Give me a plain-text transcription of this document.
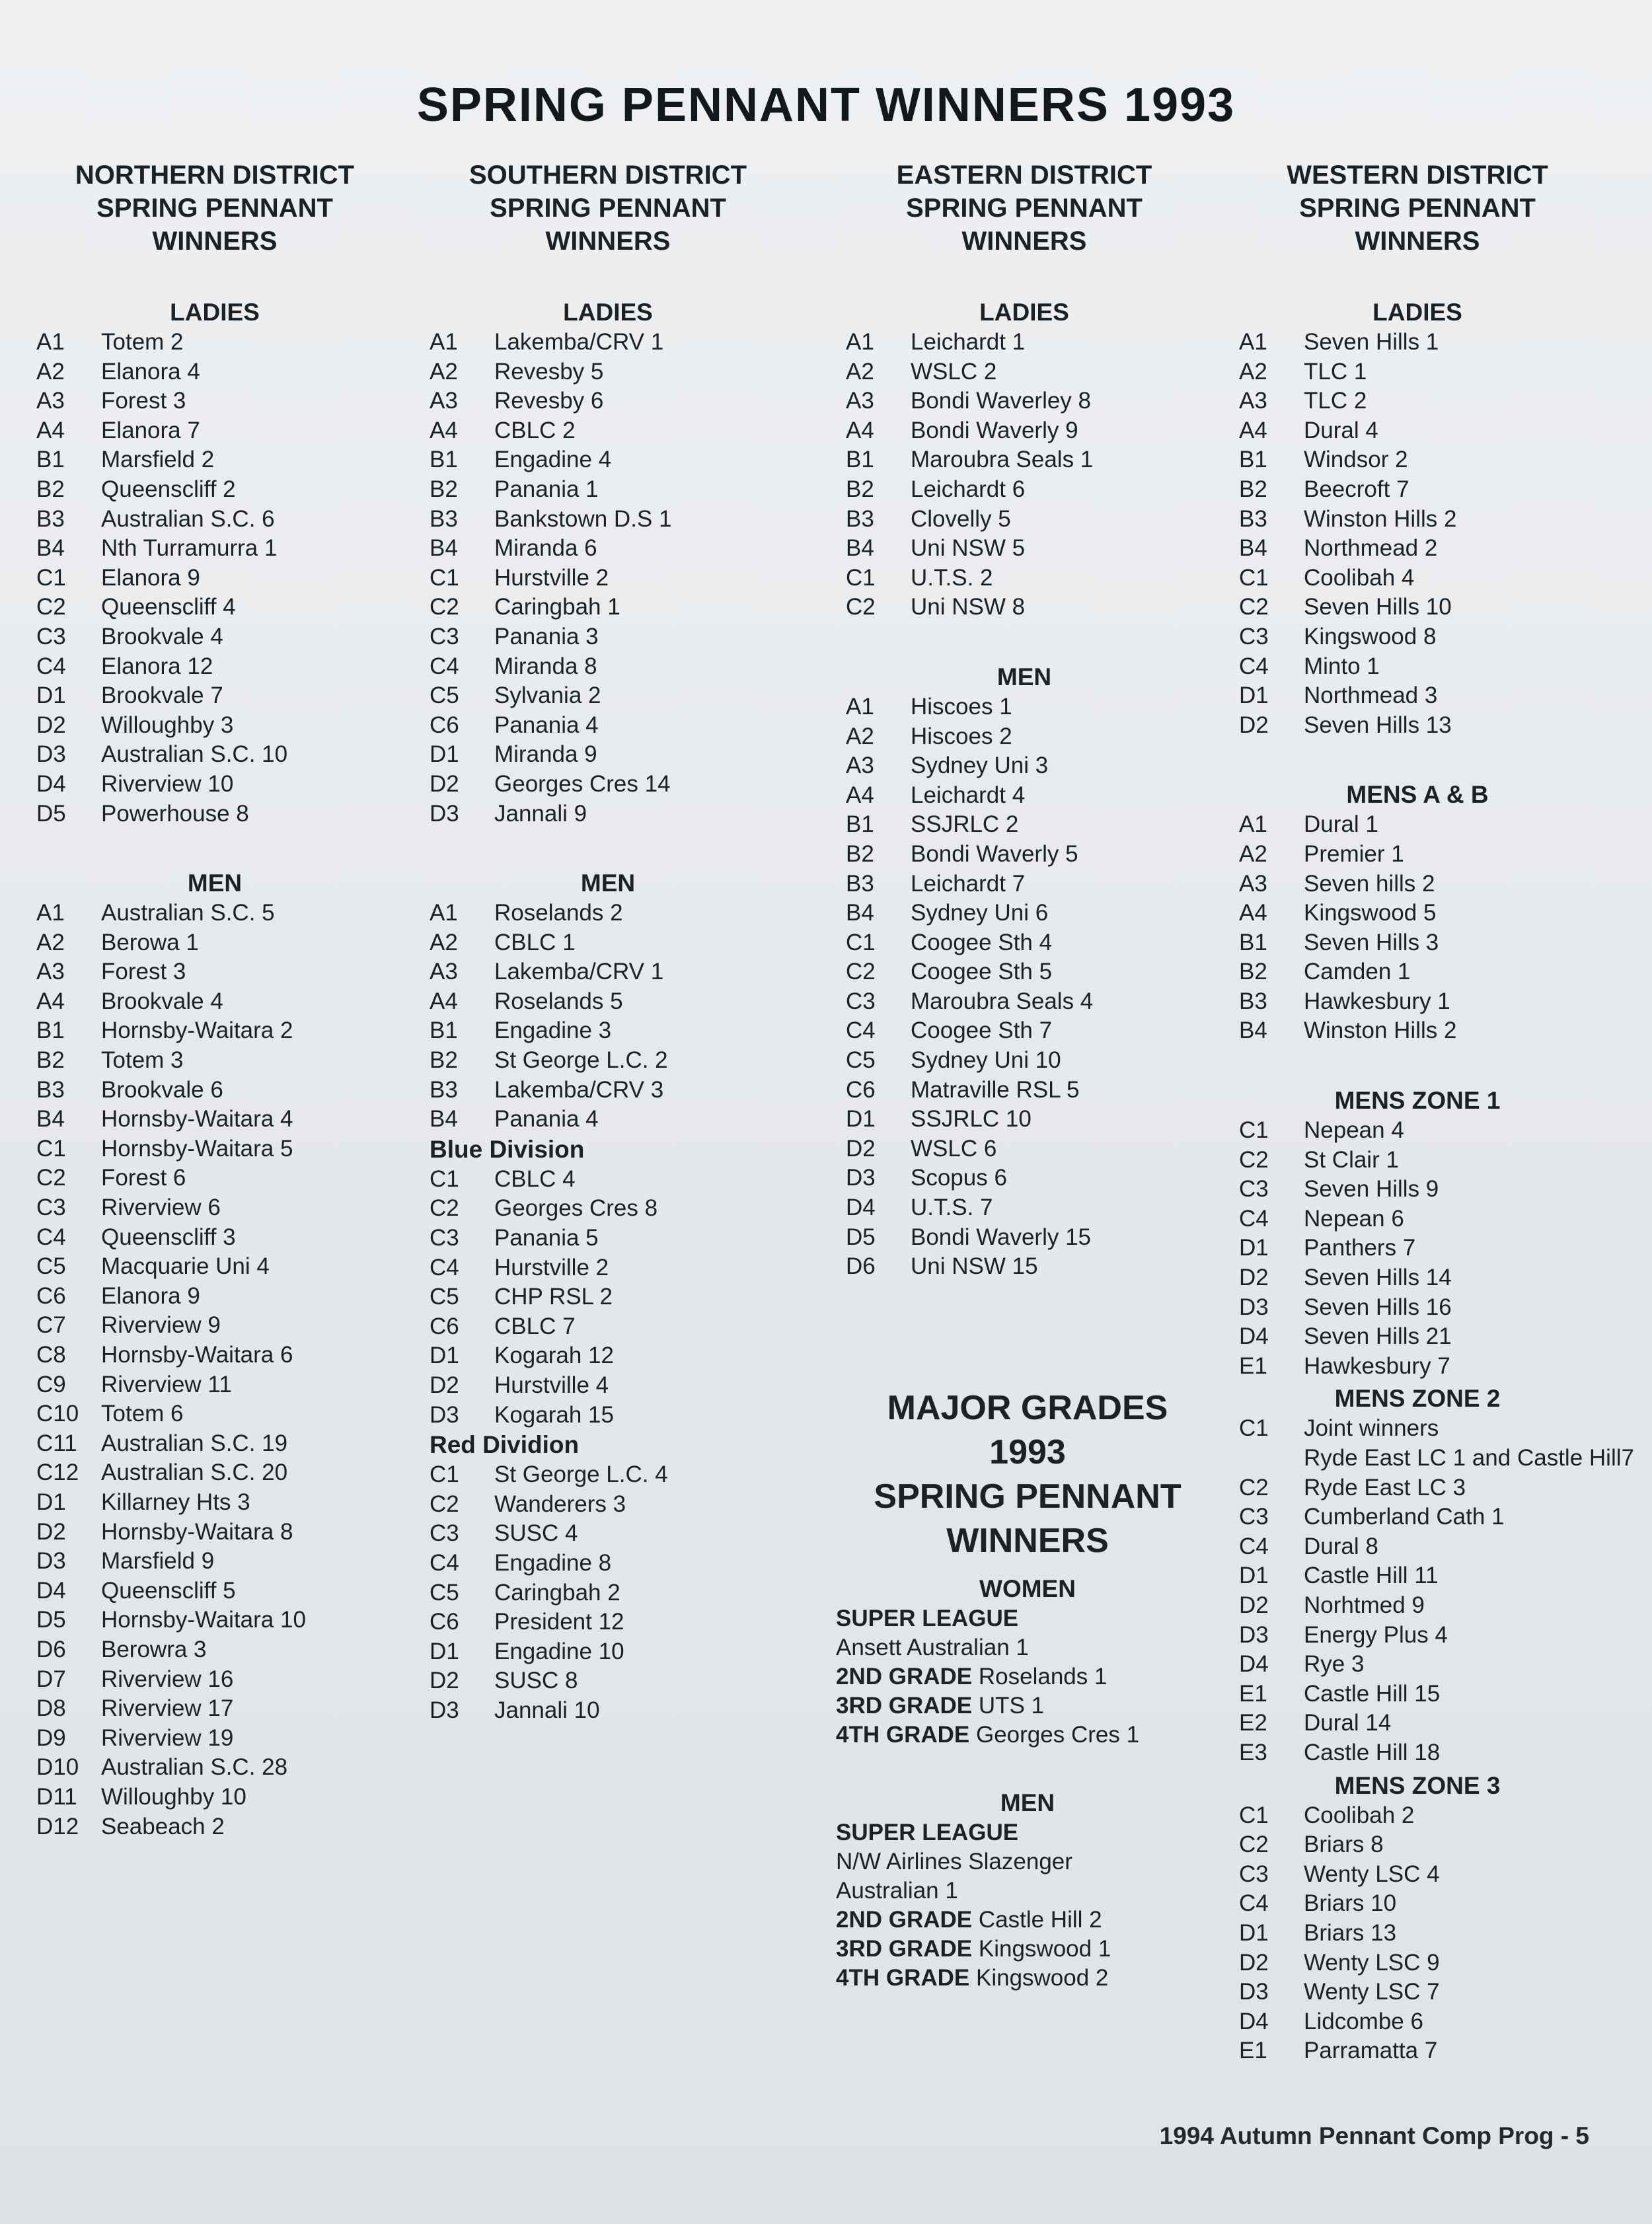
SPRING PENNANT WINNERS 1993
NORTHERN DISTRICT
SPRING PENNANT
WINNERS
LADIES
A1	Totem 2
A2	Elanora 4
A3	Forest 3
A4	Elanora 7
B1	Marsfield 2
B2	Queenscliff 2
B3	Australian S.C. 6
B4	Nth Turramurra 1
C1	Elanora 9
C2	Queenscliff 4
C3	Brookvale 4
C4	Elanora 12
D1	Brookvale 7
D2	Willoughby 3
D3	Australian S.C. 10
D4	Riverview 10
D5	Powerhouse 8
MEN
A1	Australian S.C. 5
A2	Berowa 1
A3	Forest 3
A4	Brookvale 4
B1	Hornsby-Waitara 2
B2	Totem 3
B3	Brookvale 6
B4	Hornsby-Waitara 4
C1	Hornsby-Waitara 5
C2	Forest 6
C3	Riverview 6
C4	Queenscliff 3
C5	Macquarie Uni 4
C6	Elanora 9
C7	Riverview 9
C8	Hornsby-Waitara 6
C9	Riverview 11
C10 Totem 6
C11	Australian S.C. 19
C12 Australian S.C. 20
D1	Killarney Hts 3
D2	Hornsby-Waitara 8
D3	Marsfield 9
D4	Queenscliff 5
D5	Hornsby-Waitara 10
D6	Berowra 3
D7	Riverview 16
D8	Riverview 17
D9	Riverview 19
D10 Australian S.C. 28
D11	Willoughby 10
D12 Seabeach 2
SOUTHERN DISTRICT
SPRING PENNANT
WINNERS
LADIES
A1	Lakemba/CRV 1
A2	Revesby 5
A3	Revesby 6
A4	CBLC 2
B1	Engadine 4
B2	Panania 1
B3	Bankstown D.S 1
B4	Miranda 6
C1	Hurstville 2
C2	Caringbah 1
C3	Panania 3
C4	Miranda 8
C5	Sylvania 2
C6	Panania 4
D1	Miranda 9
D2	Georges Cres 14
D3	Jannali 9
MEN
A1	Roselands 2
A2	CBLC 1
A3	Lakemba/CRV 1
A4	Roselands 5
B1	Engadine 3
B2	St George L.C. 2
B3	Lakemba/CRV 3
B4	Panania 4
Blue Division
C1	CBLC 4
C2	Georges Cres 8
C3	Panania 5
C4	Hurstville 2
C5	CHP RSL 2
C6	CBLC 7
D1	Kogarah 12
D2	Hurstville 4
D3	Kogarah 15
Red Dividion
C1	St George L.C. 4
C2	Wanderers 3
C3	SUSC 4
C4	Engadine 8
C5	Caringbah 2
C6	President 12
D1	Engadine 10
D2	SUSC 8
D3	Jannali 10
EASTERN DISTRICT
SPRING PENNANT
WINNERS
LADIES
A1	Leichardt 1
A2	WSLC 2
A3	Bondi Waverley 8
A4	Bondi Waverly 9
B1	Maroubra Seals 1
B2	Leichardt 6
B3	Clovelly 5
B4	Uni NSW 5
C1	U.T.S. 2
C2	Uni NSW 8
MEN
A1	Hiscoes 1
A2	Hiscoes 2
A3	Sydney Uni 3
A4	Leichardt 4
B1	SSJRLC 2
B2	Bondi Waverly 5
B3	Leichardt 7
B4	Sydney Uni 6
C1	Coogee Sth 4
C2	Coogee Sth 5
C3	Maroubra Seals 4
C4	Coogee Sth 7
C5	Sydney Uni 10
C6	Matraville RSL 5
D1	SSJRLC 10
D2	WSLC 6
D3	Scopus 6
D4	U.T.S. 7
D5	Bondi Waverly 15
D6	Uni NSW 15
WESTERN DISTRICT
SPRING PENNANT
WINNERS
LADIES
A1	Seven Hills 1
A2	TLC 1
A3	TLC 2
A4	Dural 4
B1	Windsor 2
B2	Beecroft 7
B3	Winston Hills 2
B4	Northmead 2
C1	Coolibah 4
C2	Seven Hills 10
C3	Kingswood 8
C4	Minto 1
D1	Northmead 3
D2	Seven Hills 13
MENS A & B
A1	Dural 1
A2	Premier 1
A3	Seven hills 2
A4	Kingswood 5
B1	Seven Hills 3
B2	Camden 1
B3	Hawkesbury 1
B4	Winston Hills 2
MENS ZONE 1
C1	Nepean 4
C2	St Clair 1
C3	Seven Hills 9
C4	Nepean 6
D1	Panthers 7
D2	Seven Hills 14
D3	Seven Hills 16
D4	Seven Hills 21
E1	Hawkesbury 7
MENS ZONE 2
C1	Joint winners
Ryde East LC 1 and Castle Hill7
C2	Ryde East LC 3
C3	Cumberland Cath 1
C4	Dural 8
D1	Castle Hill 11
D2	Norhtmed 9
D3	Energy Plus 4
D4	Rye 3
E1	Castle Hill 15
E2	Dural 14
E3	Castle Hill 18
MENS ZONE 3
C1	Coolibah 2
C2	Briars 8
C3	Wenty LSC 4
C4	Briars 10
D1	Briars 13
D2	Wenty LSC 9
D3	Wenty LSC 7
D4	Lidcombe 6
E1	Parramatta 7
MAJOR GRADES
1993
SPRING PENNANT
WINNERS
WOMEN
SUPER LEAGUE
Ansett Australian 1
2ND GRADE Roselands 1
3RD GRADE UTS 1
4TH GRADE Georges Cres 1
MEN
SUPER LEAGUE
N/W Airlines Slazenger
Australian 1
2ND GRADE Castle Hill 2
3RD GRADE Kingswood 1
4TH GRADE Kingswood 2
1994 Autumn Pennant Comp Prog - 5
